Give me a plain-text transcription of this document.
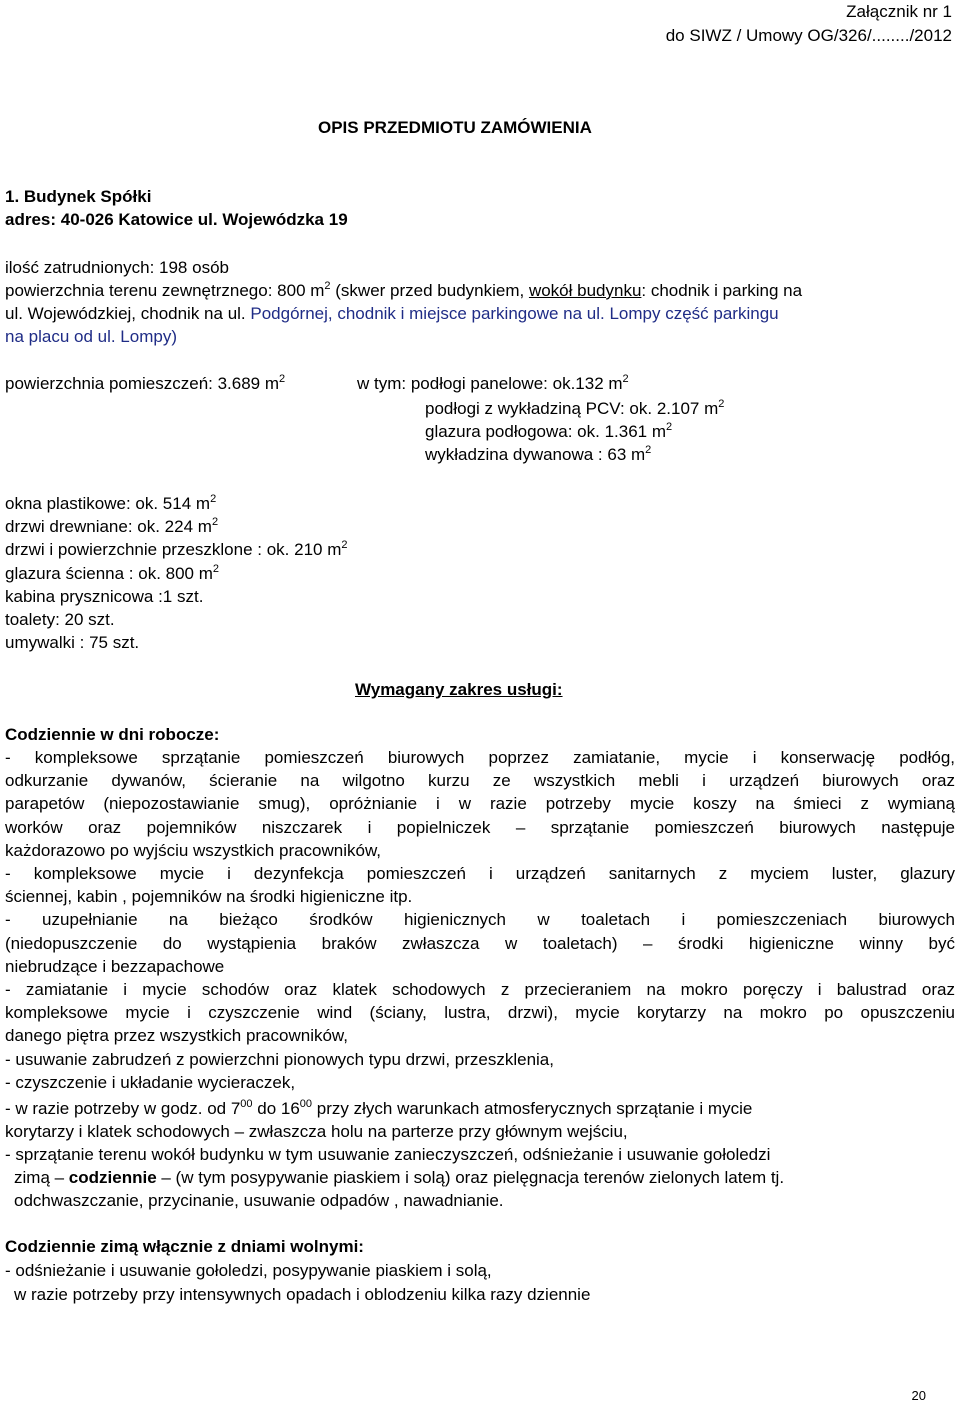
Załącznik nr 1
do SIWZ / Umowy OG/326/......../2012
OPIS PRZEDMIOTU ZAMÓWIENIA
1. Budynek Spółki
adres: 40-026 Katowice ul. Wojewódzka 19
ilość zatrudnionych: 198 osób
powierzchnia terenu zewnętrznego: 800 $m^2$ (skwer przed budynkiem, wokół budynku: chodnik i parking na
ul. Wojewódzkiej, chodnik na ul. Podgórnej, chodnik i miejsce parkingowe na ul. Lompy część parkingu
na placu od ul. Lompy)
powierzchnia pomieszczeń: 3.689 $m^2$	w tym: podłogi panelowe: ok.132 $m^2$
podłogi z wykładziną PCV: ok. 2.107 $m^2$
glazura podłogowa: ok. 1.361 $m^2$
wykładzina dywanowa : 63 $m^2$
okna plastikowe: ok. 514 $m^2$
drzwi drewniane: ok. 224 $m^2$
drzwi i powierzchnie przeszklone : ok. 210 $m^2$
glazura ścienna : ok. 800 $m^2$
kabina prysznicowa :1 szt.
toalety: 20 szt.
umywalki : 75 szt.
Wymagany zakres usługi:
Codziennie w dni robocze:
- kompleksowe sprzątanie pomieszczeń biurowych poprzez zamiatanie, mycie i konserwację podłóg,
odkurzanie dywanów, ścieranie na wilgotno kurzu ze wszystkich mebli i urządzeń biurowych oraz
parapetów (niepozostawianie smug), opróżnianie i w razie potrzeby mycie koszy na śmieci z wymianą
worków oraz pojemników niszczarek i popielniczek – sprzątanie pomieszczeń biurowych następuje
każdorazowo po wyjściu wszystkich pracowników,
- kompleksowe mycie i dezynfekcja pomieszczeń i urządzeń sanitarnych z myciem luster, glazury
ściennej, kabin , pojemników na środki higieniczne itp.
- uzupełnianie na bieżąco środków higienicznych w toaletach i pomieszczeniach biurowych
(niedopuszczenie do wystąpienia braków zwłaszcza w toaletach) – środki higieniczne winny być
niebrudzące i bezzapachowe
- zamiatanie i mycie schodów oraz klatek schodowych z przecieraniem na mokro poręczy i balustrad oraz
kompleksowe mycie i czyszczenie wind (ściany, lustra, drzwi), mycie korytarzy na mokro po opuszczeniu
danego piętra przez wszystkich pracowników,
- usuwanie zabrudzeń z powierzchni pionowych typu drzwi, przeszklenia,
- czyszczenie i układanie wycieraczek,
- w razie potrzeby w godz. od $7^{00}$ do $16^{00}$ przy złych warunkach atmosferycznych sprzątanie i mycie
korytarzy i klatek schodowych – zwłaszcza holu na parterze przy głównym wejściu,
- sprzątanie terenu wokół budynku w tym usuwanie zanieczyszczeń, odśnieżanie i usuwanie gołoledzi
zimą – codziennie – (w tym posypywanie piaskiem i solą) oraz pielęgnacja terenów zielonych latem tj.
odchwaszczanie, przycinanie, usuwanie odpadów , nawadnianie.
Codziennie zimą włącznie z dniami wolnymi:
- odśnieżanie i usuwanie gołoledzi, posypywanie piaskiem i solą,
w razie potrzeby przy intensywnych opadach i oblodzeniu kilka razy dziennie
20
